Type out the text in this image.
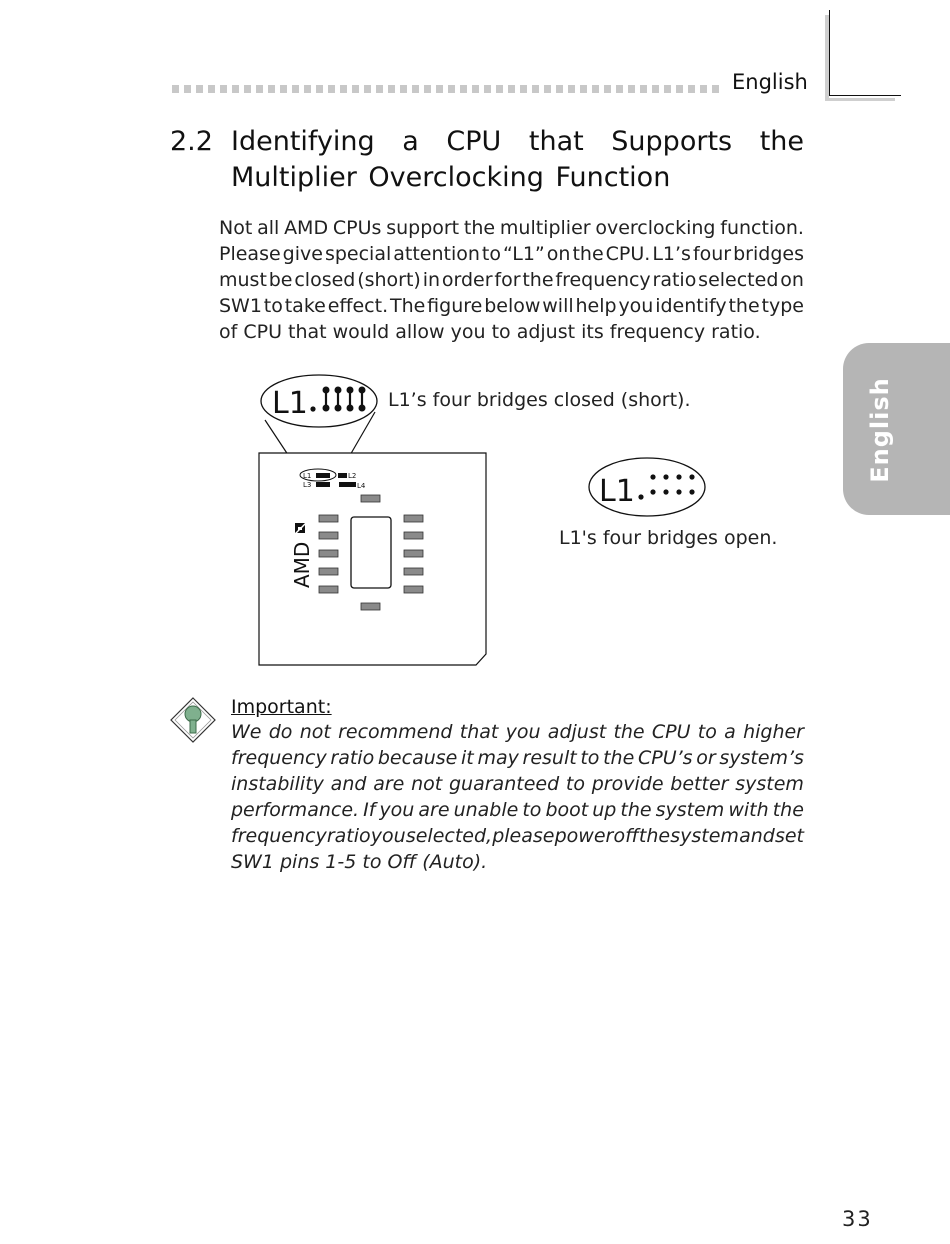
English
English
2.2 Identifying a CPU that Supports the
Multiplier Overclocking Function
Not all AMD CPUs support the multiplier overclocking function.
Please give special attention to “L1” on the CPU. L1’s four bridges
must be closed (short) in order for the frequency ratio selected on
SW1 to take effect. The figure below will help you identify the type
of CPU that would allow you to adjust its frequency ratio.
L1
L1	L2
L3	L4
AMD
L1
L1’s four bridges closed (short).
L1's four bridges open.
Important:
We do not recommend that you adjust the CPU to a higher
frequency ratio because it may result to the CPU’s or system’s
instability and are not guaranteed to provide better system
performance. If you are unable to boot up the system with the
frequency ratio you selected, please power off the system and set
SW1 pins 1-5 to Off (Auto).
33
